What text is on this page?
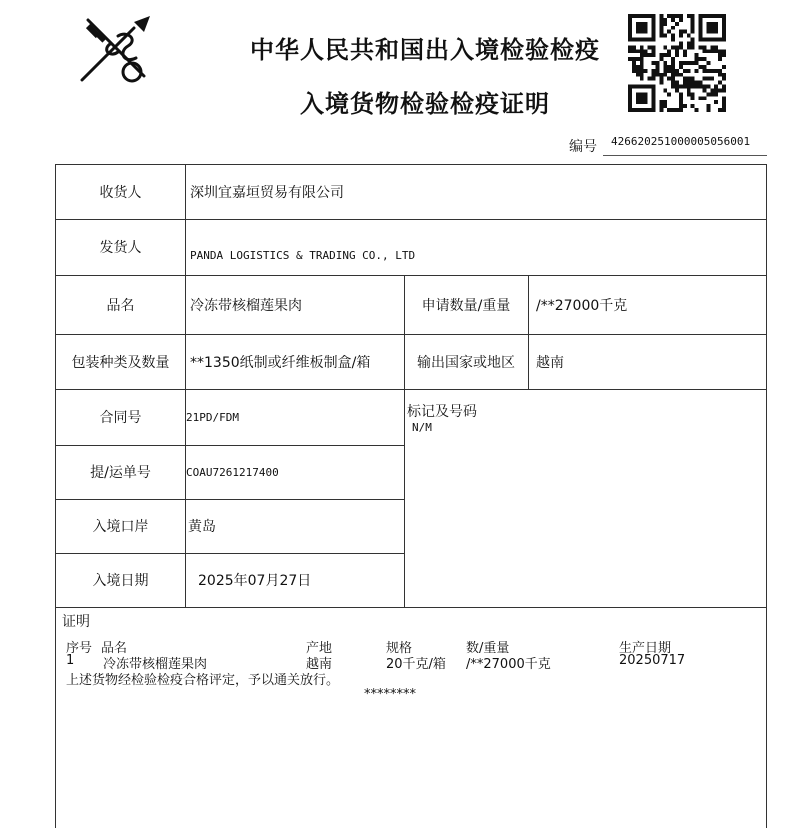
中华人民共和国出入境检验检疫
入境货物检验检疫证明
编号	426620251000005056001
收货人	深圳宜嘉垣贸易有限公司
发货人	PANDA LOGISTICS & TRADING CO., LTD
品名	冷冻带核榴莲果肉	申请数量/重量	/**27000千克
包装种类及数量	**1350纸制或纤维板制盒/箱	输出国家或地区	越南
合同号	21PD/FDM
提/运单号	COAU7261217400
入境口岸	黄岛
入境日期	2025年07月27日
标记及号码
N/M
证明
序号 品名	产地	规格	数/重量	生产日期
1 冷冻带核榴莲果肉	越南	20千克/箱 /**27000千克	20250717
上述货物经检验检疫合格评定，予以通关放行。
********
